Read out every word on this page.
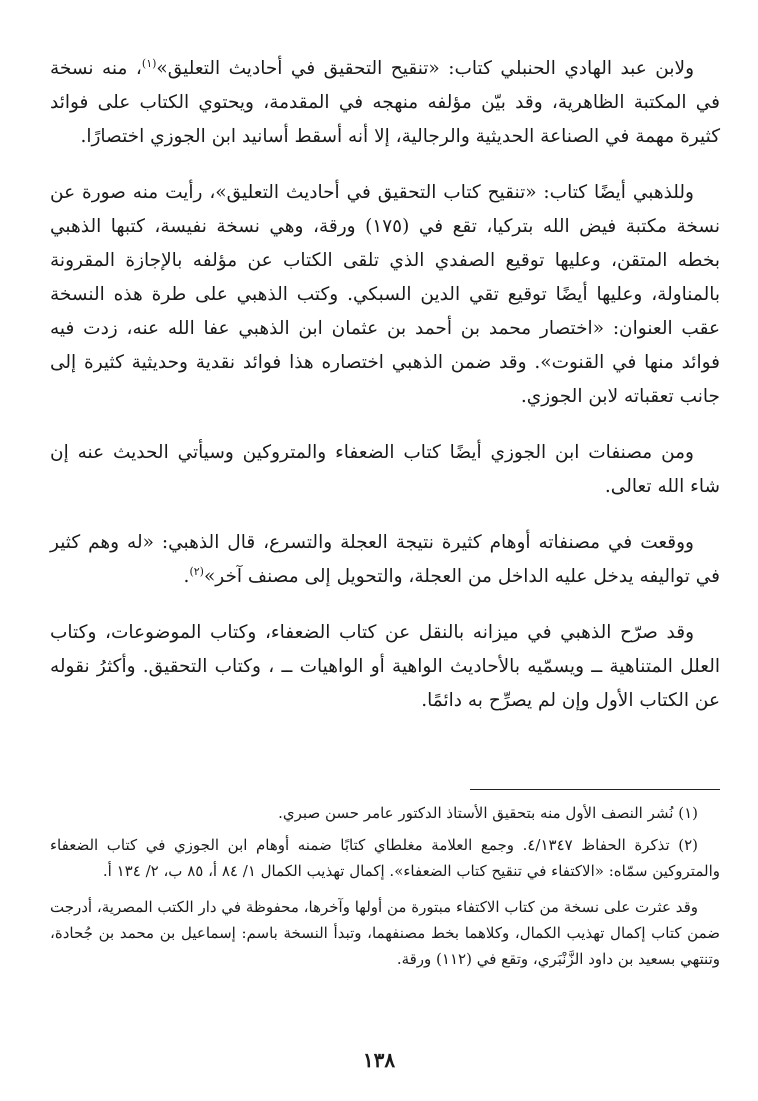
ولابن عبد الهادي الحنبلي كتاب: «تنقيح التحقيق في أحاديث التعليق»$^{(١)}$، منه نسخة في المكتبة الظاهرية، وقد بيّن مؤلفه منهجه في المقدمة، ويحتوي الكتاب على فوائد كثيرة مهمة في الصناعة الحديثية والرجالية، إلا أنه أسقط أسانيد ابن الجوزي اختصارًا.

وللذهبي أيضًا كتاب: «تنقيح كتاب التحقيق في أحاديث التعليق»، رأيت منه صورة عن نسخة مكتبة فيض الله بتركيا، تقع في (١٧٥) ورقة، وهي نسخة نفيسة، كتبها الذهبي بخطه المتقن، وعليها توقيع الصفدي الذي تلقى الكتاب عن مؤلفه بالإجازة المقرونة بالمناولة، وعليها أيضًا توقيع تقي الدين السبكي. وكتب الذهبي على طرة هذه النسخة عقب العنوان: «اختصار محمد بن أحمد بن عثمان ابن الذهبي عفا الله عنه، زدت فيه فوائد منها في القنوت». وقد ضمن الذهبي اختصاره هذا فوائد نقدية وحديثية كثيرة إلى جانب تعقباته لابن الجوزي.

ومن مصنفات ابن الجوزي أيضًا كتاب الضعفاء والمتروكين وسيأتي الحديث عنه إن شاء الله تعالى.

ووقعت في مصنفاته أوهام كثيرة نتيجة العجلة والتسرع، قال الذهبي: «له وهم كثير في تواليفه يدخل عليه الداخل من العجلة، والتحويل إلى مصنف آخر»$^{(٢)}$.

وقد صرّح الذهبي في ميزانه بالنقل عن كتاب الضعفاء، وكتاب الموضوعات، وكتاب العلل المتناهية ــ ويسمّيه بالأحاديث الواهية أو الواهيات ــ ، وكتاب التحقيق. وأكثرُ نقوله عن الكتاب الأول وإن لم يصرِّح به دائمًا.

(١) نُشر النصف الأول منه بتحقيق الأستاذ الدكتور عامر حسن صبري.

(٢) تذكرة الحفاظ ٤/١٣٤٧. وجمع العلامة مغلطاي كتابًا ضمنه أوهام ابن الجوزي في كتاب الضعفاء والمتروكين سمّاه: «الاكتفاء في تنقيح كتاب الضعفاء». إكمال تهذيب الكمال ١/ ٨٤ أ، ٨٥ ب، ٢/ ١٣٤ أ.

وقد عثرت على نسخة من كتاب الاكتفاء مبتورة من أولها وآخرها، محفوظة في دار الكتب المصرية، أدرجت ضمن كتاب إكمال تهذيب الكمال، وكلاهما بخط مصنفهما، وتبدأ النسخة باسم: إسماعيل بن محمد بن جُحادة، وتنتهي بسعيد بن داود الزَّنْبَري، وتقع في (١١٢) ورقة.

١٣٨
